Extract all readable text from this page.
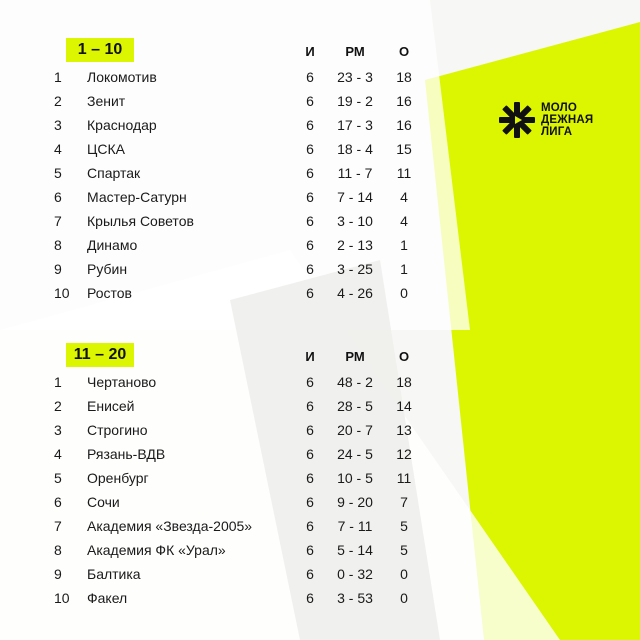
МОЛО
ДЕЖНАЯ
ЛИГА
1 – 10	И	РМ	О
1	Локомотив	6	23 - 3	18
2	Зенит	6	19 - 2	16
3	Краснодар	6	17 - 3	16
4	ЦСКА	6	18 - 4	15
5	Спартак	6	11 - 7	11
6	Мастер-Сатурн	6	7 - 14	4
7	Крылья Советов	6	3 - 10	4
8	Динамо	6	2 - 13	1
9	Рубин	6	3 - 25	1
10	Ростов	6	4 - 26	0
11 – 20	И	РМ	О
1	Чертаново	6	48 - 2	18
2	Енисей	6	28 - 5	14
3	Строгино	6	20 - 7	13
4	Рязань-ВДВ	6	24 - 5	12
5	Оренбург	6	10 - 5	11
6	Сочи	6	9 - 20	7
7	Академия «Звезда-2005»	6	7 - 11	5
8	Академия ФК «Урал»	6	5 - 14	5
9	Балтика	6	0 - 32	0
10	Факел	6	3 - 53	0
